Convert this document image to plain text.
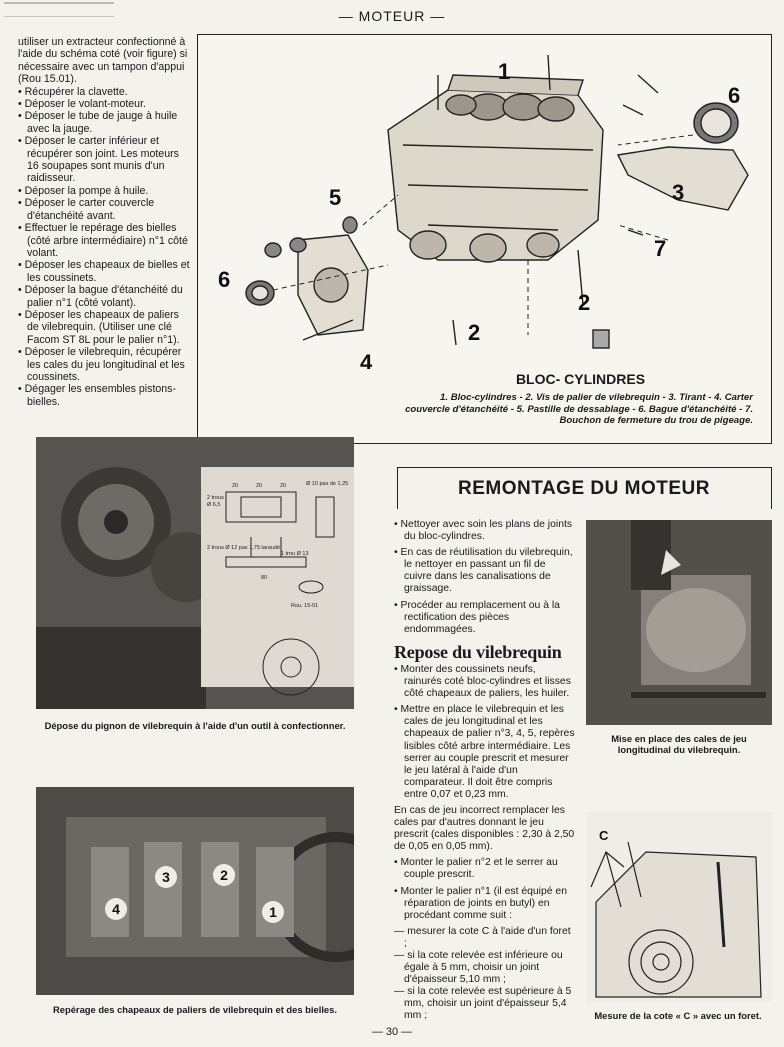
— MOTEUR —

utiliser un extracteur confectionné à l'aide du schéma coté (voir figure) si nécessaire avec un tampon d'appui (Rou 15.01).

• Récupérer la clavette.
• Déposer le volant-moteur.
• Déposer le tube de jauge à huile avec la jauge.
• Déposer le carter inférieur et récupérer son joint. Les moteurs 16 soupapes sont munis d'un raidisseur.
• Déposer la pompe à huile.
• Déposer le carter couvercle d'étanchéité avant.
• Effectuer le repérage des bielles (côté arbre intermédiaire) n°1 côté volant.
• Déposer les chapeaux de bielles et les coussinets.
• Déposer la bague d'étanchéité du palier n°1 (côté volant).
• Déposer les chapeaux de paliers de vilebrequin. (Utiliser une clé Facom ST 8L pour le palier n°1).
• Déposer le vilebrequin, récupérer les cales du jeu longitudinal et les coussinets.
• Dégager les ensembles pistons-bielles.
1
2
2
3
4
5
6
6
7
BLOC- CYLINDRES
1. Bloc-cylindres - 2. Vis de palier de vilebrequin - 3. Tirant - 4. Carter couvercle d'étanchéité - 5. Pastille de dessablage - 6. Bague d'étanchéité - 7. Bouchon de fermeture du trou de pigeage.
2 trous
Ø 6,5
2 trous Ø 12 pas 1,75 taraudé
1 trou Ø 13
80
Ø 10 pas de 1,25
Rou. 15-01
20	20	20
Dépose du pignon de vilebrequin à l'aide d'un outil à confectionner.
4
3	2
1
Repérage des chapeaux de paliers de vilebrequin et des bielles.
REMONTAGE DU MOTEUR
• Nettoyer avec soin les plans de joints du bloc-cylindres.
• En cas de réutilisation du vilebrequin, le nettoyer en passant un fil de cuivre dans les canalisations de graissage.
• Procéder au remplacement ou à la rectification des pièces endommagées.
Repose du vilebrequin
• Monter des coussinets neufs, rainurés coté bloc-cylindres et lisses côté chapeaux de paliers, les huiler.
• Mettre en place le vilebrequin et les cales de jeu longitudinal et les chapeaux de palier n°3, 4, 5, repères lisibles côté arbre intermédiaire. Les serrer au couple prescrit et mesurer le jeu latéral à l'aide d'un comparateur. Il doit être compris entre 0,07 et 0,23 mm.

En cas de jeu incorrect remplacer les cales par d'autres donnant le jeu prescrit (cales disponibles : 2,30 à 2,50 de 0,05 en 0,05 mm).

• Monter le palier n°2 et le serrer au couple prescrit.
• Monter le palier n°1 (il est équipé en réparation de joints en butyl) en procédant comme suit :

— mesurer la cote C à l'aide d'un foret ;

— si la cote relevée est inférieure ou égale à 5 mm, choisir un joint d'épaisseur 5,10 mm ;

— si la cote relevée est supérieure à 5 mm, choisir un joint d'épaisseur 5,4 mm ;

Mise en place des cales de jeu longitudinal du vilebrequin.
C
Mesure de la cote « C » avec un foret.
— 30 —
